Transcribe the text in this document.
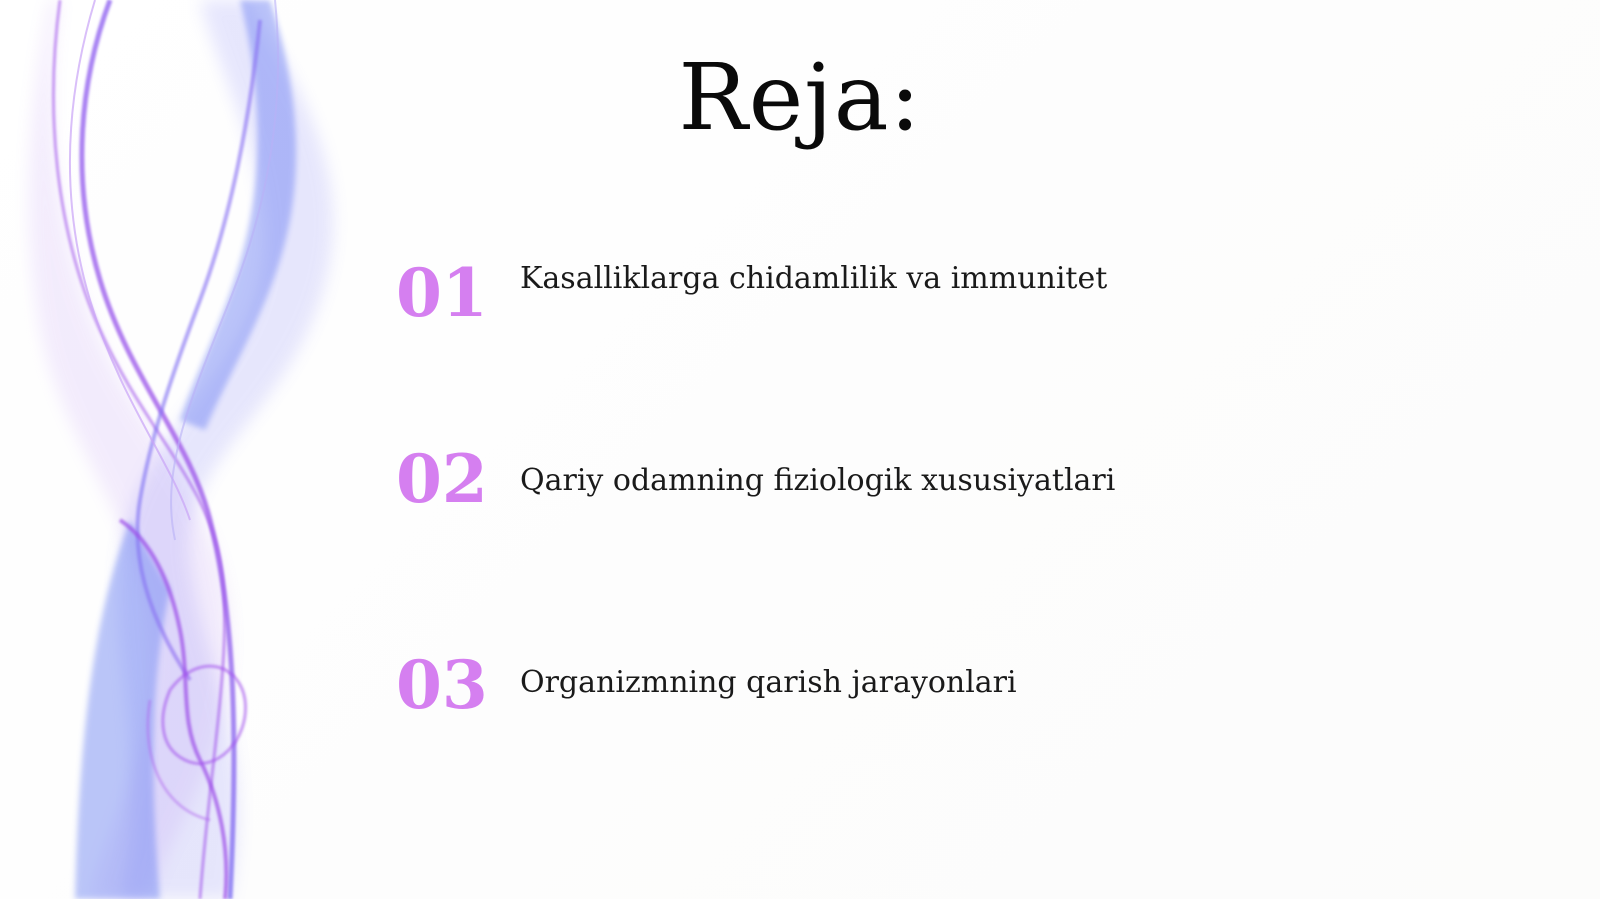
Reja:
01 Kasalliklarga chidamlilik va immunitet
02 Qariy odamning fiziologik xususiyatlari
03 Organizmning qarish jarayonlari
